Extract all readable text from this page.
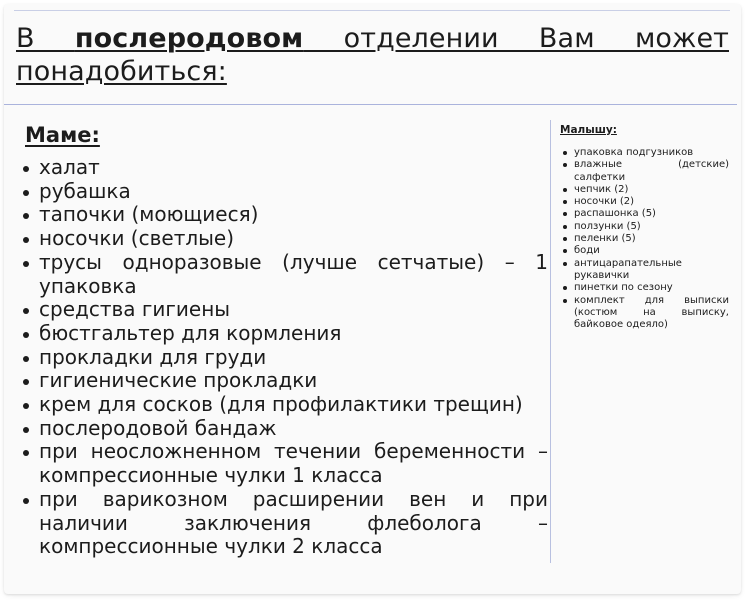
В послеродовом отделении Вам может понадобиться:
Маме:
халат
рубашка
тапочки (моющиеся)
носочки (светлые)
трусы одноразовые (лучше сетчатые) – 1 упаковка
средства гигиены
бюстгальтер для кормления
прокладки для груди
гигиенические прокладки
крем для сосков (для профилактики трещин)
послеродовой бандаж
при неосложненном течении беременности – компрессионные чулки 1 класса
при варикозном расширении вен и при наличии заключения флеболога – компрессионные чулки 2 класса
Малышу:
упаковка подгузников
влажные (детские) салфетки
чепчик (2)
носочки (2)
распашонка (5)
ползунки (5)
пеленки (5)
боди
антицарапательные рукавички
пинетки по сезону
комплект для выписки (костюм на выписку, байковое одеяло)
